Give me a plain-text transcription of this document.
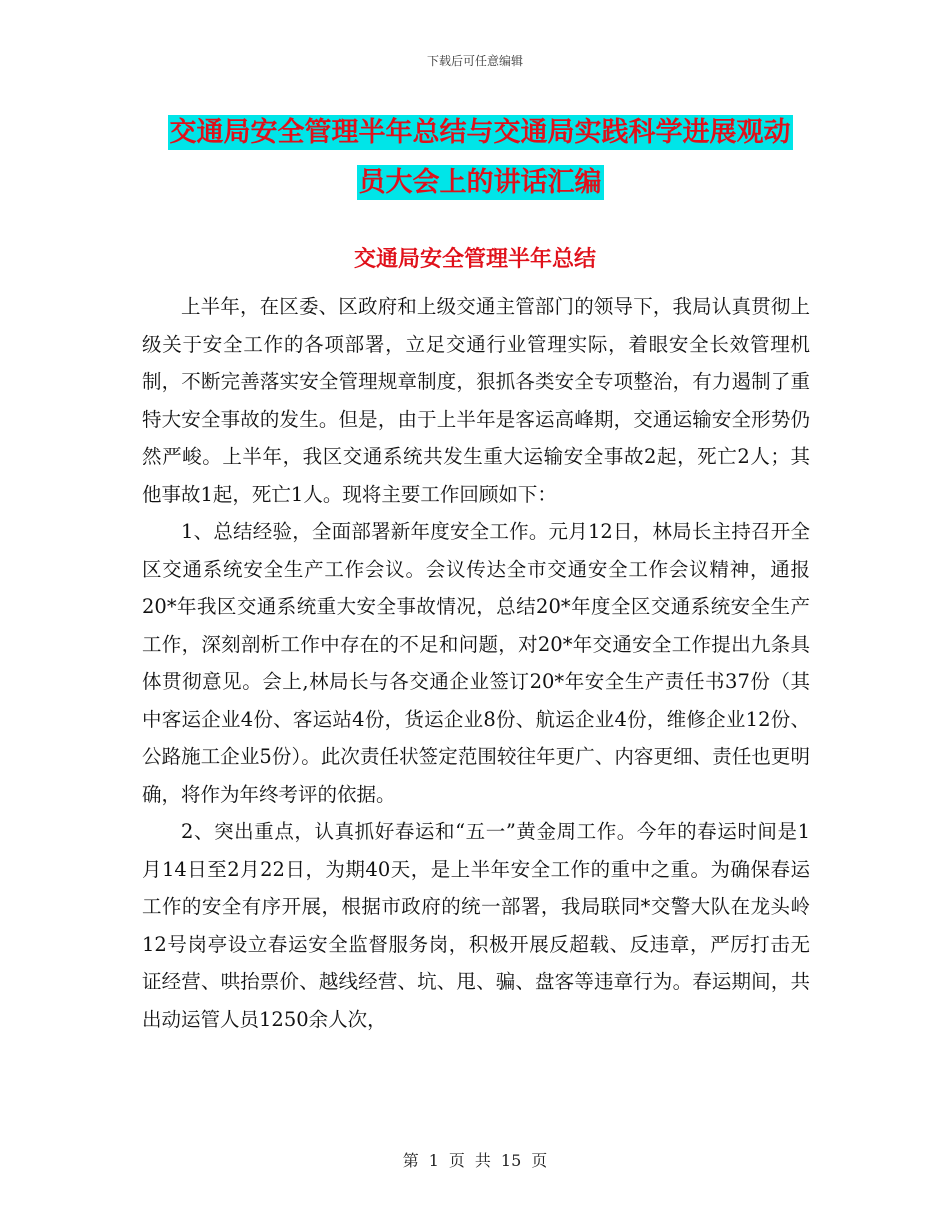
下载后可任意编辑
交通局安全管理半年总结与交通局实践科学进展观动
员大会上的讲话汇编
交通局安全管理半年总结

上半年，在区委、区政府和上级交通主管部门的领导下，我局认真贯彻上级关于安全工作的各项部署，立足交通行业管理实际，着眼安全长效管理机制，不断完善落实安全管理规章制度，狠抓各类安全专项整治，有力遏制了重特大安全事故的发生。但是，由于上半年是客运高峰期，交通运输安全形势仍然严峻。上半年，我区交通系统共发生重大运输安全事故2起，死亡2人；其他事故1起，死亡1人。现将主要工作回顾如下：

1、总结经验，全面部署新年度安全工作。元月12日，林局长主持召开全区交通系统安全生产工作会议。会议传达全市交通安全工作会议精神，通报20*年我区交通系统重大安全事故情况，总结20*年度全区交通系统安全生产工作，深刻剖析工作中存在的不足和问题，对20*年交通安全工作提出九条具体贯彻意见。会上,林局长与各交通企业签订20*年安全生产责任书37份（其中客运企业4份、客运站4份，货运企业8份、航运企业4份，维修企业12份、公路施工企业5份）。此次责任状签定范围较往年更广、内容更细、责任也更明确，将作为年终考评的依据。

2、突出重点，认真抓好春运和“五一”黄金周工作。今年的春运时间是1月14日至2月22日，为期40天，是上半年安全工作的重中之重。为确保春运工作的安全有序开展，根据市政府的统一部署，我局联同*交警大队在龙头岭12号岗亭设立春运安全监督服务岗，积极开展反超载、反违章，严厉打击无证经营、哄抬票价、越线经营、坑、甩、骗、盘客等违章行为。春运期间，共出动运管人员1250余人次，

第 1 页 共 15 页
